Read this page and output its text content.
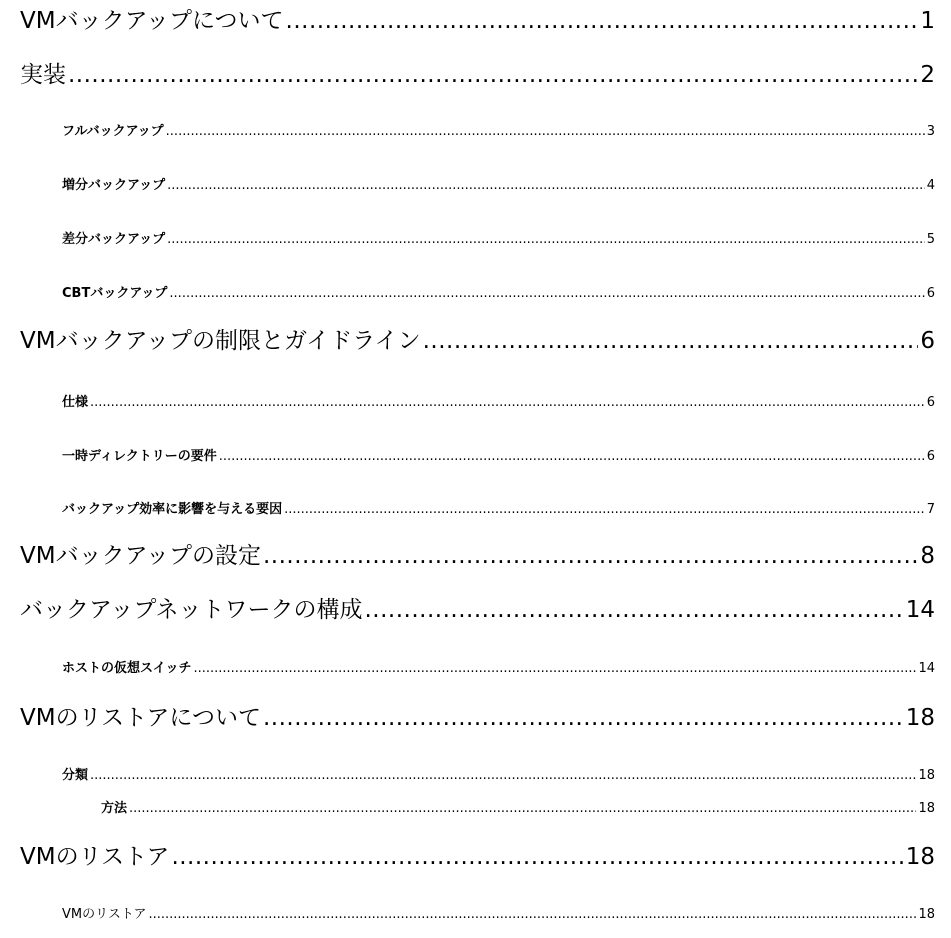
VMバックアップについて .....	1
実装 .....	2
フルバックアップ .....	3
増分バックアップ .....	4
差分バックアップ .....	5
CBTバックアップ .....	6
VMバックアップの制限とガイドライン .....	6
仕様 .....	6
一時ディレクトリーの要件 .....	6
バックアップ効率に影響を与える要因 .....	7
VMバックアップの設定 .....	8
バックアップネットワークの構成 .....	14
ホストの仮想スイッチ .....	14
VMのリストアについて .....	18
分類 .....	18
方法 .....	18
VMのリストア .....	18
VMのリストア .....	18
